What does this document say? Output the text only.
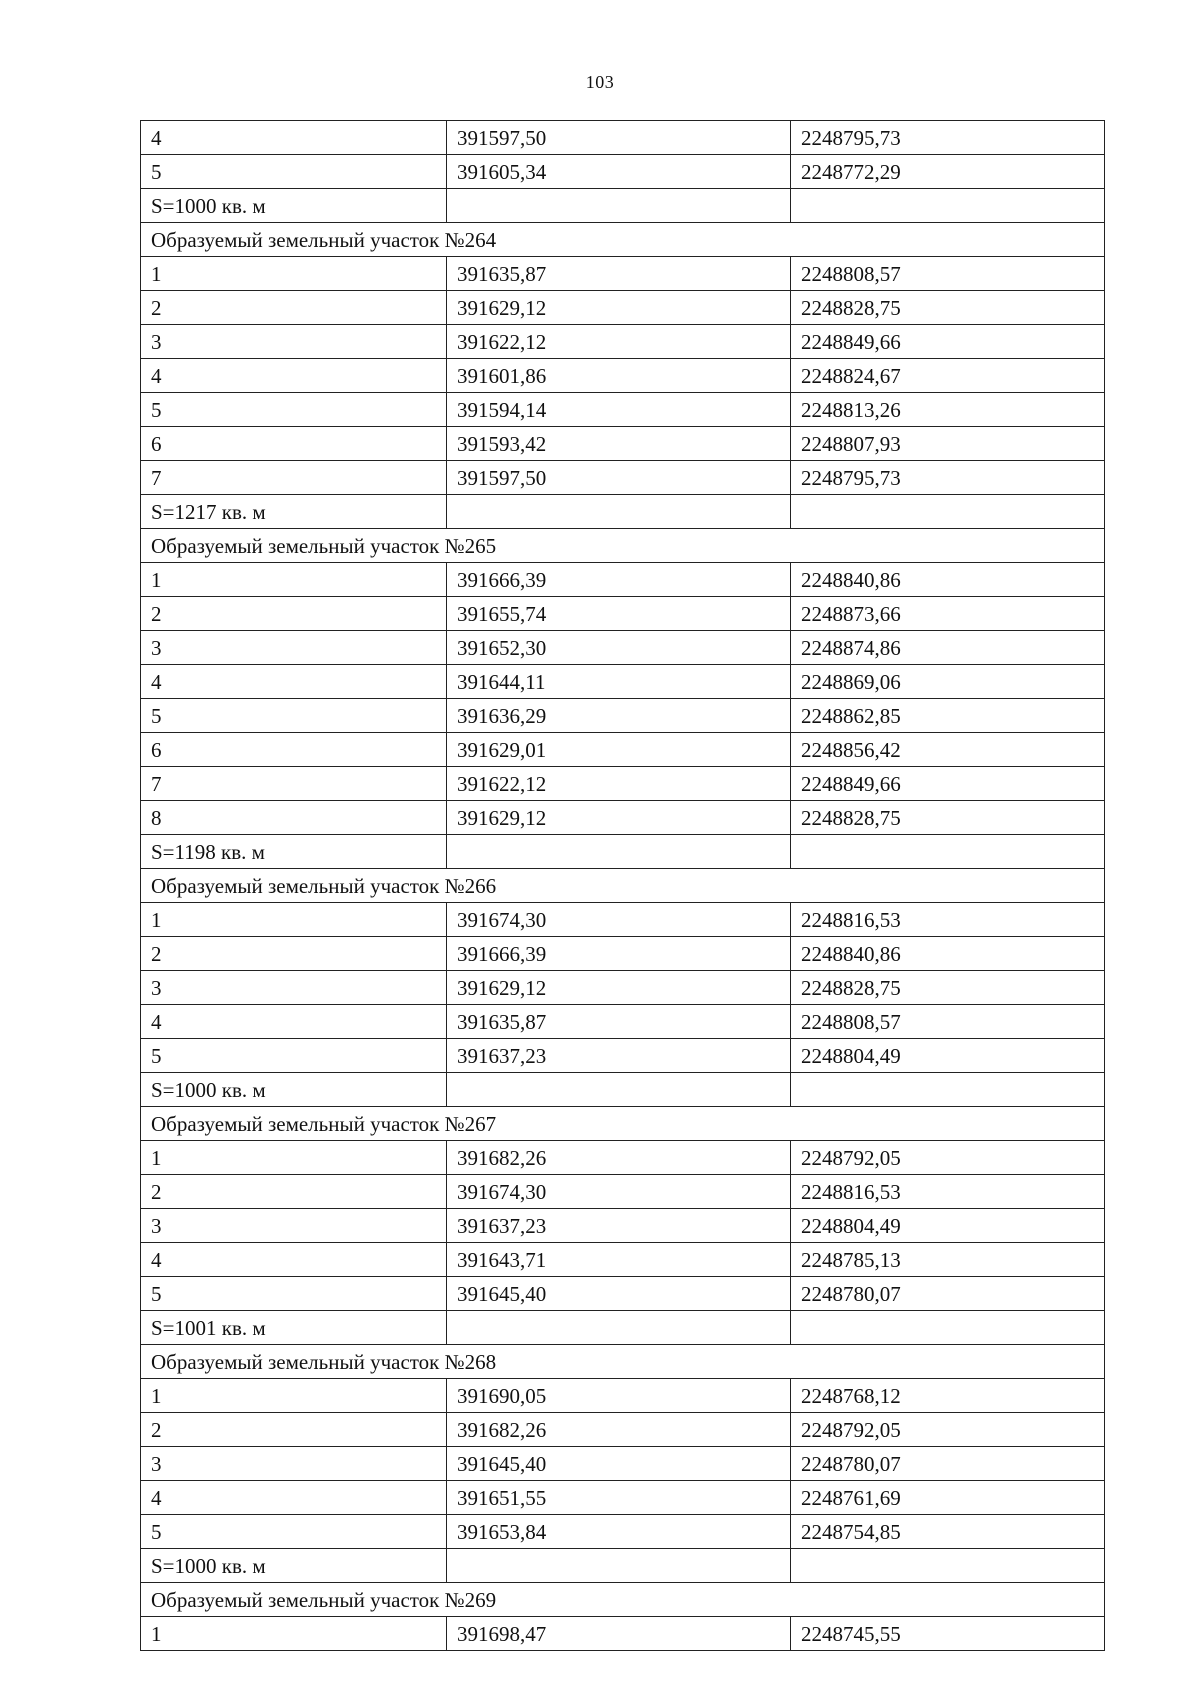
103
4	391597,50	2248795,73
5	391605,34	2248772,29
S=1000 кв. м		
Образуемый земельный участок №264		
1	391635,87	2248808,57
2	391629,12	2248828,75
3	391622,12	2248849,66
4	391601,86	2248824,67
5	391594,14	2248813,26
6	391593,42	2248807,93
7	391597,50	2248795,73
S=1217 кв. м		
Образуемый земельный участок №265		
1	391666,39	2248840,86
2	391655,74	2248873,66
3	391652,30	2248874,86
4	391644,11	2248869,06
5	391636,29	2248862,85
6	391629,01	2248856,42
7	391622,12	2248849,66
8	391629,12	2248828,75
S=1198 кв. м		
Образуемый земельный участок №266		
1	391674,30	2248816,53
2	391666,39	2248840,86
3	391629,12	2248828,75
4	391635,87	2248808,57
5	391637,23	2248804,49
S=1000 кв. м		
Образуемый земельный участок №267		
1	391682,26	2248792,05
2	391674,30	2248816,53
3	391637,23	2248804,49
4	391643,71	2248785,13
5	391645,40	2248780,07
S=1001 кв. м		
Образуемый земельный участок №268		
1	391690,05	2248768,12
2	391682,26	2248792,05
3	391645,40	2248780,07
4	391651,55	2248761,69
5	391653,84	2248754,85
S=1000 кв. м		
Образуемый земельный участок №269		
1	391698,47	2248745,55
